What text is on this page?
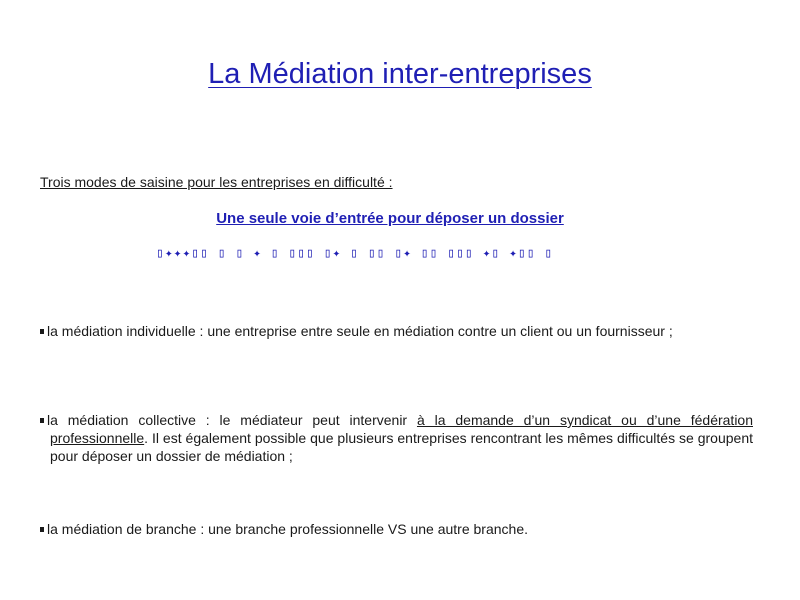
La Médiation inter-entreprises
Trois modes de saisine pour les entreprises en difficulté :
Une seule voie d’entrée pour déposer un dossier
▯✦✦✦▯▯ ▯ ▯ ✦ ▯ ▯▯▯ ▯✦ ▯ ▯▯ ▯✦ ▯▯ ▯▯▯ ✦▯ ✦▯▯ ▯
la médiation individuelle : une entreprise entre seule en médiation contre un client ou un fournisseur ;
la médiation collective : le médiateur peut intervenir à la demande d’un syndicat ou d’une fédération professionnelle. Il est également possible que plusieurs entreprises rencontrant les mêmes difficultés se groupent pour déposer un dossier de médiation ;
la médiation de branche : une branche professionnelle VS une autre branche.
